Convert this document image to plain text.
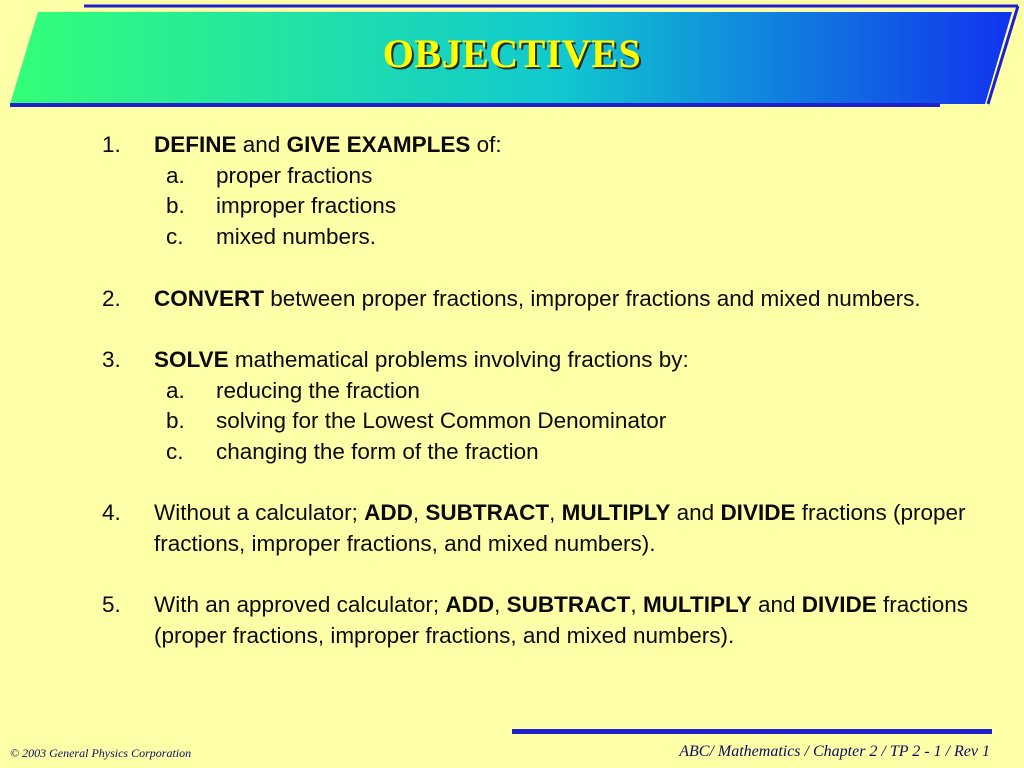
OBJECTIVES
1. DEFINE and GIVE EXAMPLES of:
a. proper fractions
b. improper fractions
c. mixed numbers.
2. CONVERT between proper fractions, improper fractions and mixed numbers.
3. SOLVE mathematical problems involving fractions by:
a. reducing the fraction
b. solving for the Lowest Common Denominator
c. changing the form of the fraction
4. Without a calculator; ADD, SUBTRACT, MULTIPLY and DIVIDE fractions (proper fractions, improper fractions, and mixed numbers).
5. With an approved calculator; ADD, SUBTRACT, MULTIPLY and DIVIDE fractions (proper fractions, improper fractions, and mixed numbers).
© 2003 General Physics Corporation	ABC/ Mathematics / Chapter 2 / TP 2 - 1 / Rev 1
